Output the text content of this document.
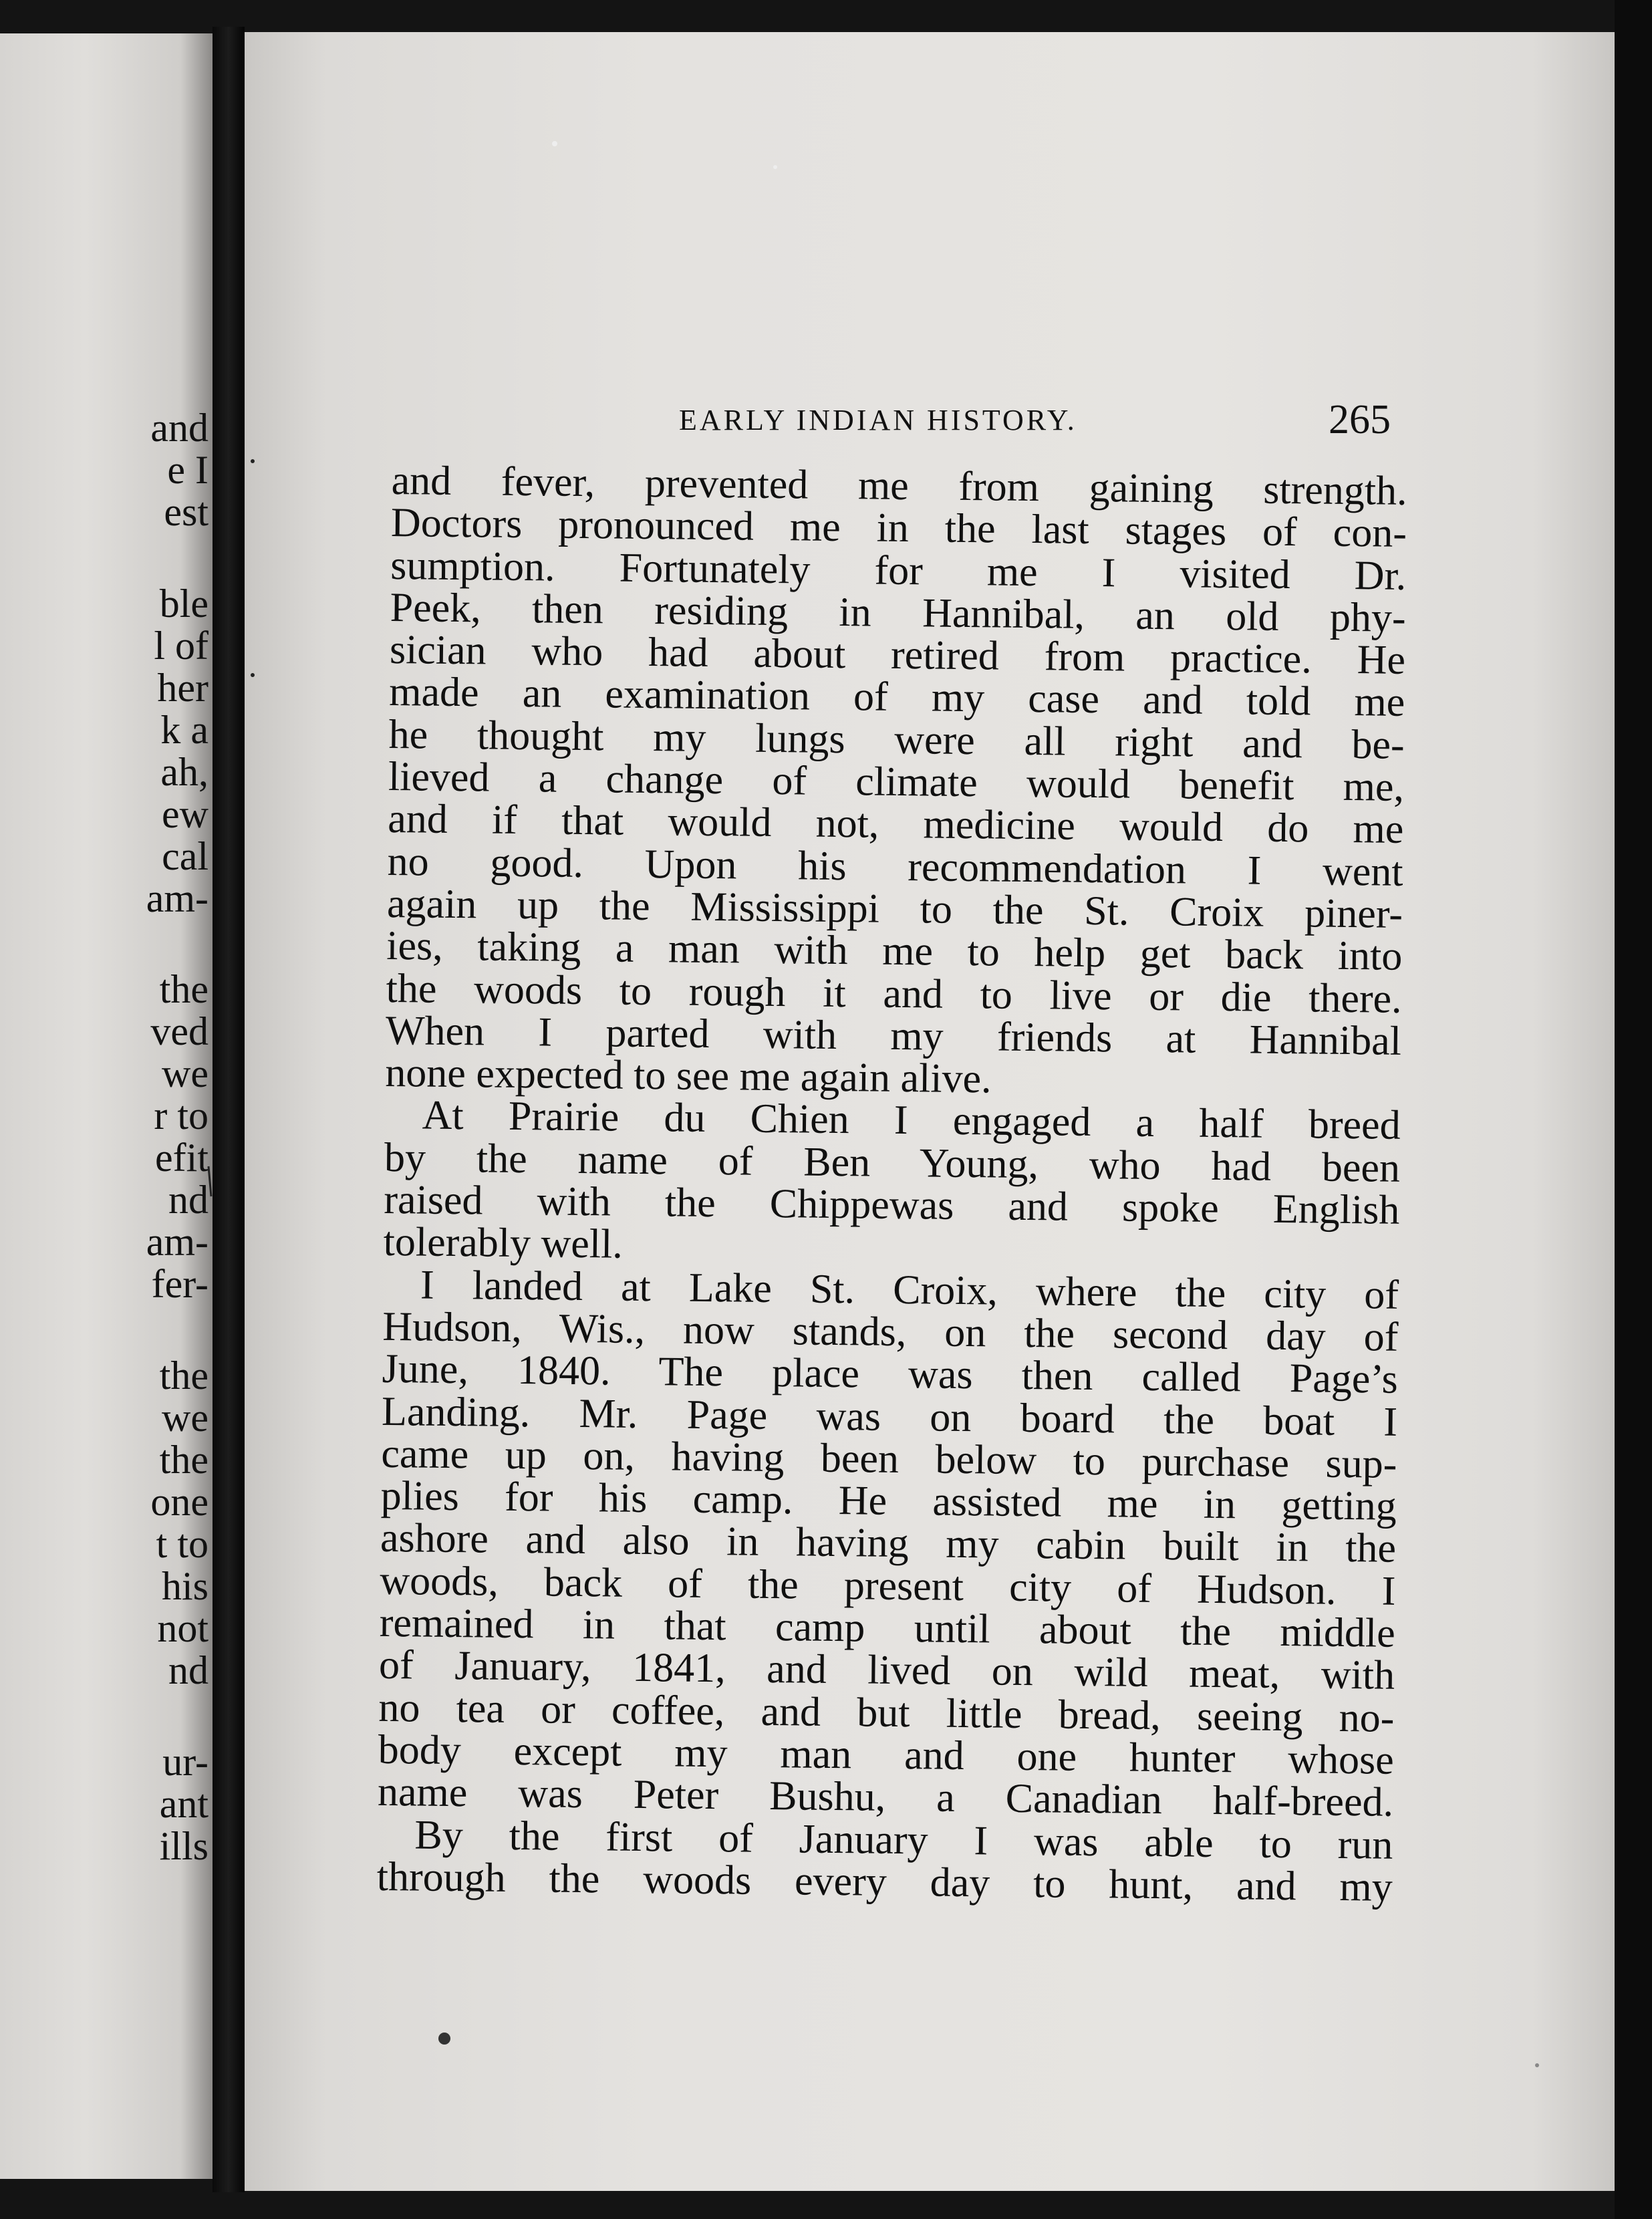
and
e I
est
ble
l of
her
k a
ah,
ew
cal
am-
the
ved
we
r to
efit
nd
am-
fer-
the
we
the
one
t to
his
not
nd
ur-
ant
ills
EARLY INDIAN HISTORY.	265
and fever, prevented me from gaining strength.
Doctors pronounced me in the last stages of con-
sumption. Fortunately for me I visited Dr.
Peek, then residing in Hannibal, an old phy-
sician who had about retired from practice. He
made an examination of my case and told me
he thought my lungs were all right and be-
lieved a change of climate would benefit me,
and if that would not, medicine would do me
no good. Upon his recommendation I went
again up the Mississippi to the St. Croix piner-
ies, taking a man with me to help get back into
the woods to rough it and to live or die there.
When I parted with my friends at Hannibal
none expected to see me again alive.
At Prairie du Chien I engaged a half breed
by the name of Ben Young, who had been
raised with the Chippewas and spoke English
tolerably well.
I landed at Lake St. Croix, where the city of
Hudson, Wis., now stands, on the second day of
June, 1840. The place was then called Page’s
Landing. Mr. Page was on board the boat I
came up on, having been below to purchase sup-
plies for his camp. He assisted me in getting
ashore and also in having my cabin built in the
woods, back of the present city of Hudson. I
remained in that camp until about the middle
of January, 1841, and lived on wild meat, with
no tea or coffee, and but little bread, seeing no-
body except my man and one hunter whose
name was Peter Bushu, a Canadian half-breed.
By the first of January I was able to run
through the woods every day to hunt, and my
